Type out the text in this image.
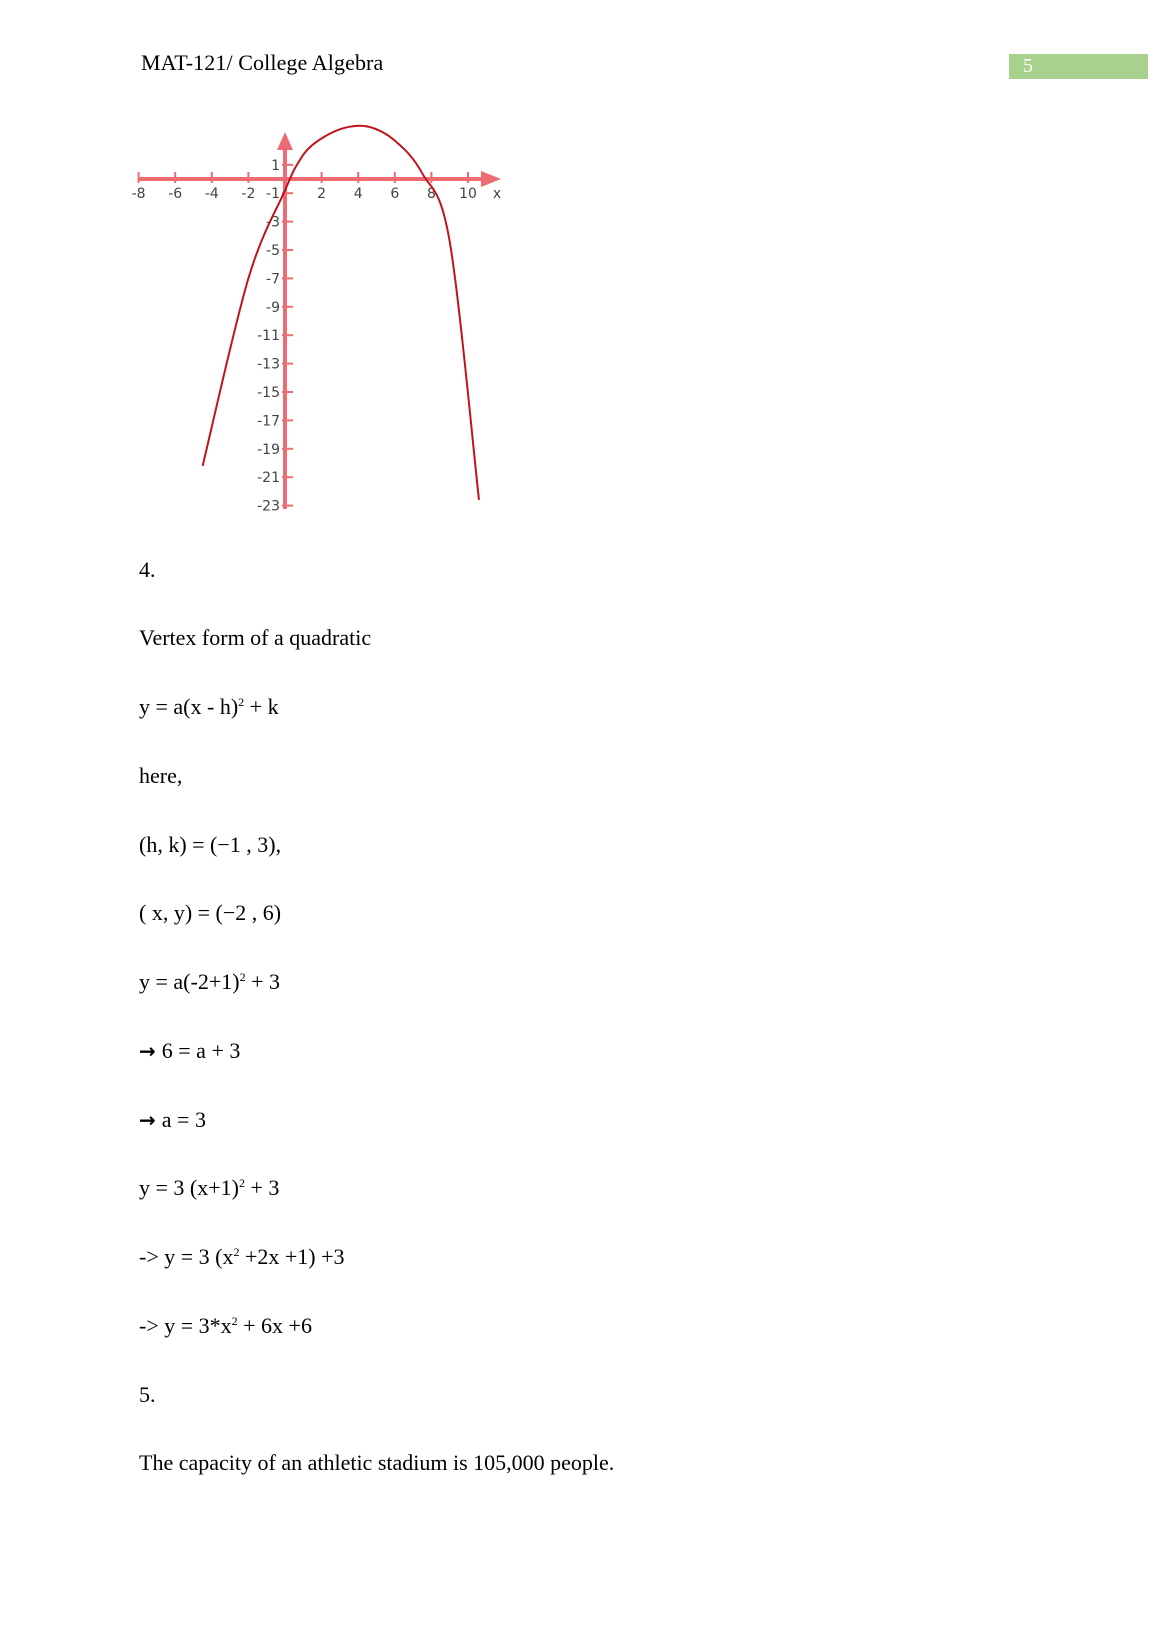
MAT-121/ College Algebra	5
-8 -6 -4 -2	2 4 6 8 10 x
1
-1
-3
-5
-7
-9
-11
-13
-15
-17
-19
-21
-23
4.
Vertex form of a quadratic
y = a(x - h)$^2$ + k
here,
(h, k) = (−1 , 3),
( x, y) = (−2 , 6)
$y = a(-2+1)^2 + 3$
→ 6 = a + 3
→ a = 3
y = 3 $(x+1)^2 + 3$
-> y = 3 $(x^2 +2x +1) +3$
-> $y = 3*x^2 + 6x +6$
5.
The capacity of an athletic stadium is 105,000 people.
